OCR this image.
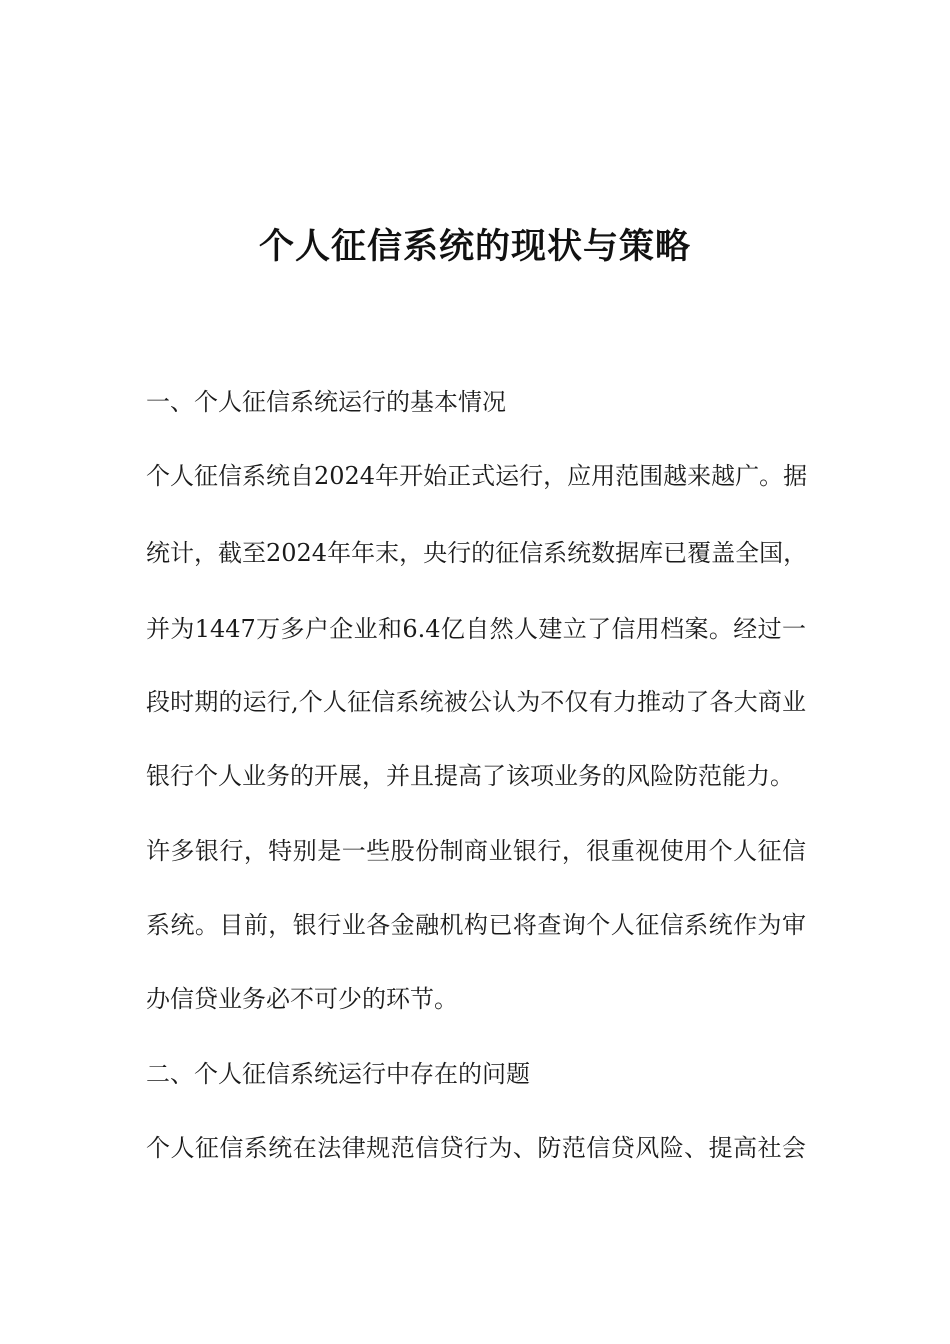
个人征信系统的现状与策略

一、个人征信系统运行的基本情况

个人征信系统自2024年开始正式运行，应用范围越来越广。据

统计，截至2024年年末，央行的征信系统数据库已覆盖全国，

并为1447万多户企业和6.4亿自然人建立了信用档案。经过一

段时期的运行,个人征信系统被公认为不仅有力推动了各大商业

银行个人业务的开展，并且提高了该项业务的风险防范能力。

许多银行，特别是一些股份制商业银行，很重视使用个人征信

系统。目前，银行业各金融机构已将查询个人征信系统作为审

办信贷业务必不可少的环节。

二、个人征信系统运行中存在的问题

个人征信系统在法律规范信贷行为、防范信贷风险、提高社会
